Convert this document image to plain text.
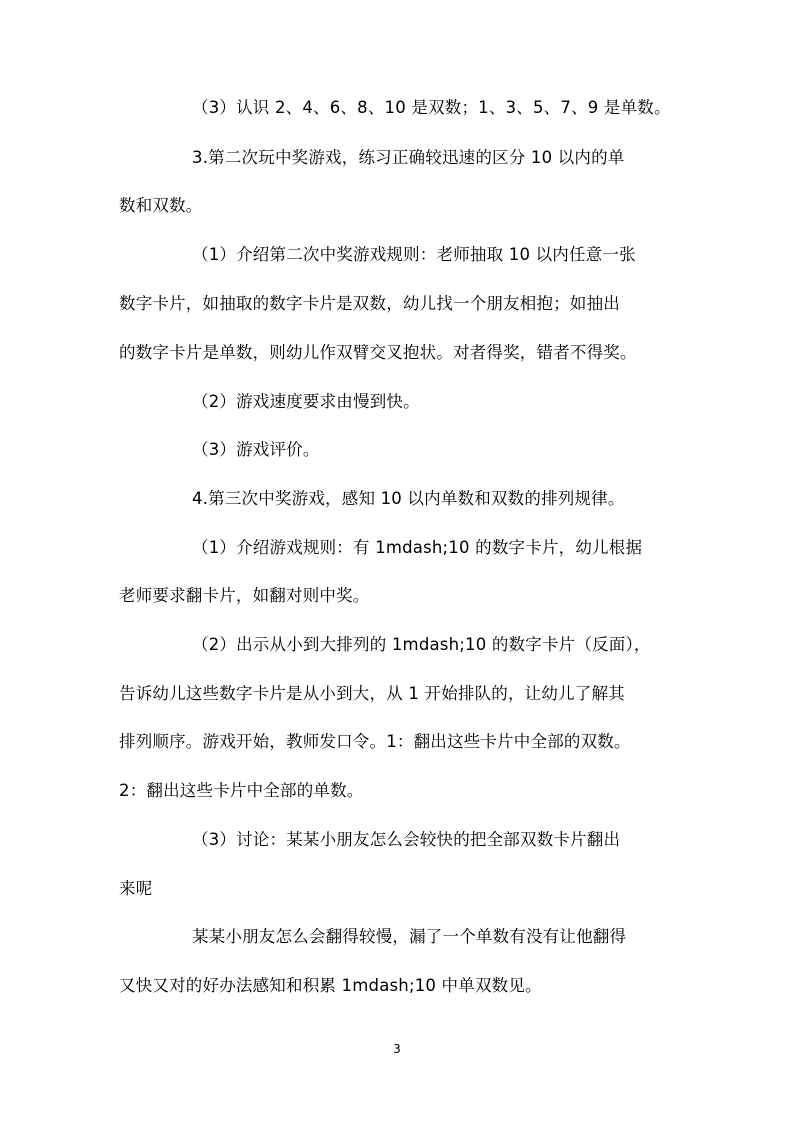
（3）认识 2、4、6、8、10 是双数；1、3、5、7、9 是单数。
3.第二次玩中奖游戏，练习正确较迅速的区分 10 以内的单
数和双数。
（1）介绍第二次中奖游戏规则：老师抽取 10 以内任意一张
数字卡片，如抽取的数字卡片是双数，幼儿找一个朋友相抱；如抽出
的数字卡片是单数，则幼儿作双臂交叉抱状。对者得奖，错者不得奖。
（2）游戏速度要求由慢到快。
（3）游戏评价。
4.第三次中奖游戏，感知 10 以内单数和双数的排列规律。
（1）介绍游戏规则：有 1mdash;10 的数字卡片，幼儿根据
老师要求翻卡片，如翻对则中奖。
（2）出示从小到大排列的 1mdash;10 的数字卡片（反面），
告诉幼儿这些数字卡片是从小到大，从 1 开始排队的，让幼儿了解其
排列顺序。游戏开始，教师发口令。1：翻出这些卡片中全部的双数。
2：翻出这些卡片中全部的单数。
（3）讨论：某某小朋友怎么会较快的把全部双数卡片翻出
来呢
某某小朋友怎么会翻得较慢，漏了一个单数有没有让他翻得
又快又对的好办法感知和积累 1mdash;10 中单双数见。
3
